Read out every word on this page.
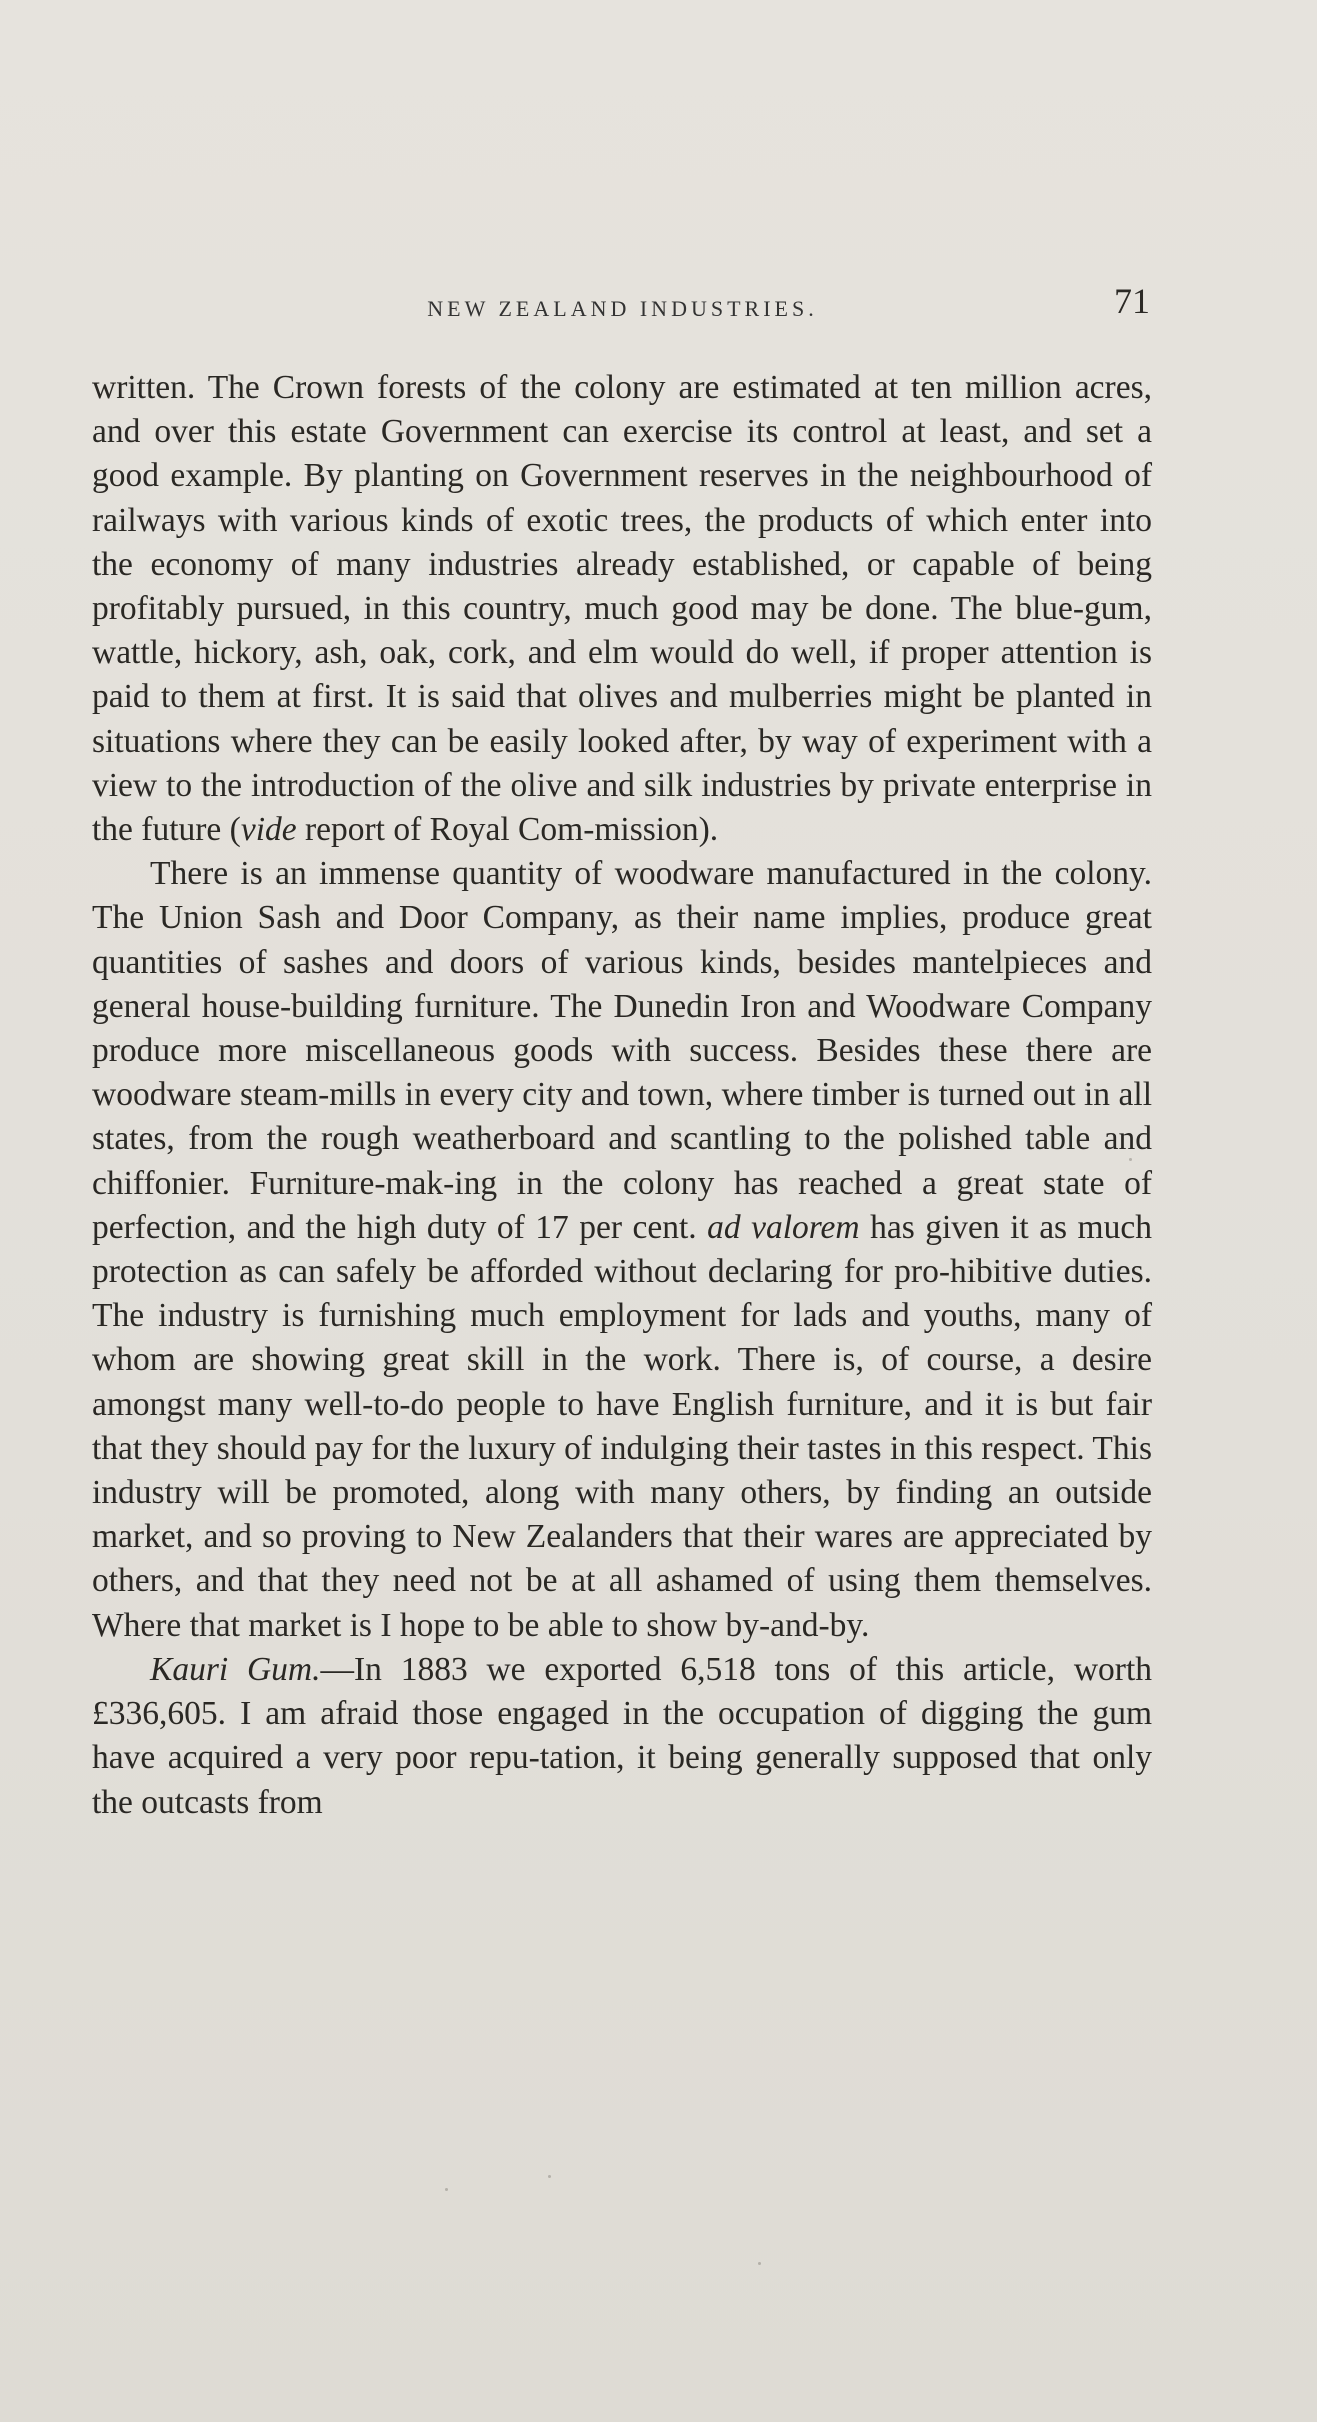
NEW ZEALAND INDUSTRIES.	71

written. The Crown forests of the colony are estimated at ten million acres, and over this estate Government can exercise its control at least, and set a good example. By planting on Government reserves in the neighbourhood of railways with various kinds of exotic trees, the products of which enter into the economy of many industries already established, or capable of being profitably pursued, in this country, much good may be done. The blue-gum, wattle, hickory, ash, oak, cork, and elm would do well, if proper attention is paid to them at first. It is said that olives and mulberries might be planted in situations where they can be easily looked after, by way of experiment with a view to the introduction of the olive and silk industries by private enterprise in the future (vide report of Royal Com-mission).

There is an immense quantity of woodware manufactured in the colony. The Union Sash and Door Company, as their name implies, produce great quantities of sashes and doors of various kinds, besides mantelpieces and general house-building furniture. The Dunedin Iron and Woodware Company produce more miscellaneous goods with success. Besides these there are woodware steam-mills in every city and town, where timber is turned out in all states, from the rough weatherboard and scantling to the polished table and chiffonier. Furniture-mak-ing in the colony has reached a great state of perfection, and the high duty of 17 per cent. ad valorem has given it as much protection as can safely be afforded without declaring for pro-hibitive duties. The industry is furnishing much employment for lads and youths, many of whom are showing great skill in the work. There is, of course, a desire amongst many well-to-do people to have English furniture, and it is but fair that they should pay for the luxury of indulging their tastes in this respect. This industry will be promoted, along with many others, by finding an outside market, and so proving to New Zealanders that their wares are appreciated by others, and that they need not be at all ashamed of using them themselves. Where that market is I hope to be able to show by-and-by.

Kauri Gum.—In 1883 we exported 6,518 tons of this article, worth £336,605. I am afraid those engaged in the occupation of digging the gum have acquired a very poor repu-tation, it being generally supposed that only the outcasts from
